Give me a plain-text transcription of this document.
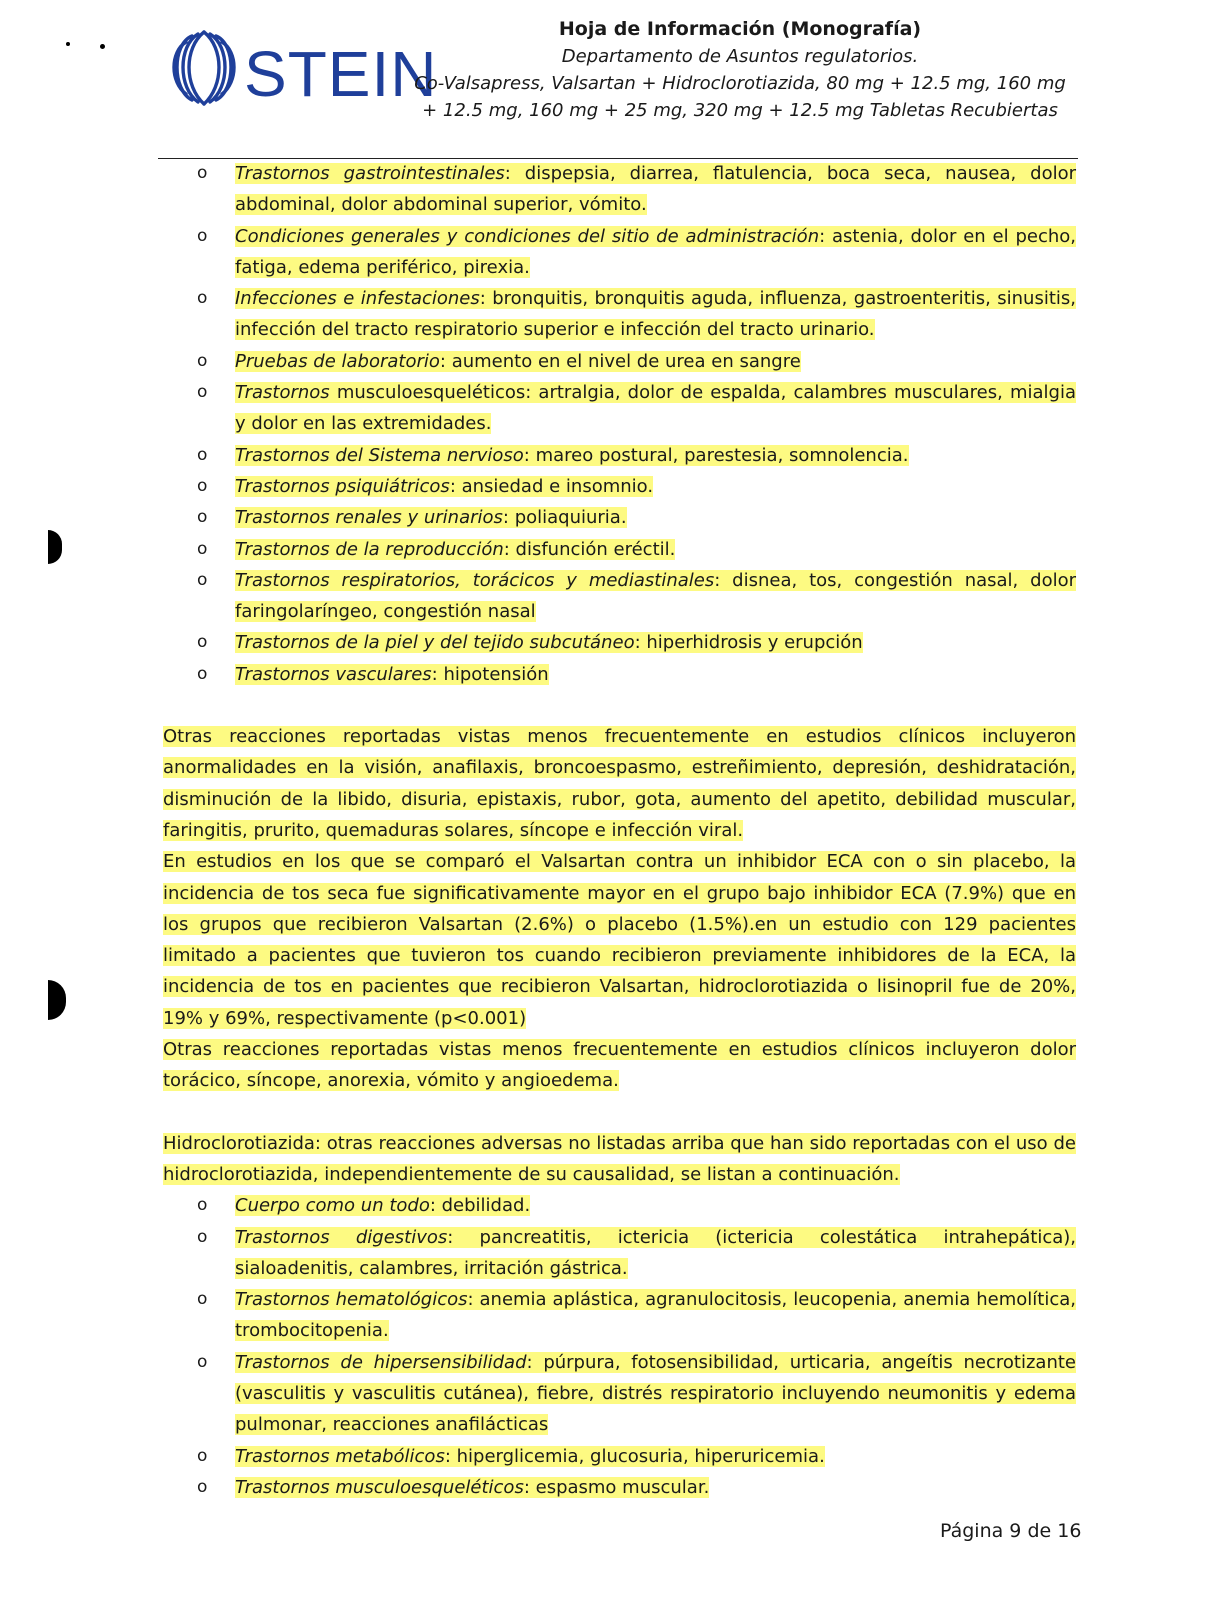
STEIN
Hoja de Información (Monografía)
Departamento de Asuntos regulatorios.
Co-Valsapress, Valsartan + Hidroclorotiazida, 80 mg + 12.5 mg, 160 mg
+ 12.5 mg, 160 mg + 25 mg, 320 mg + 12.5 mg Tabletas Recubiertas
o Trastornos gastrointestinales: dispepsia, diarrea, flatulencia, boca seca, nausea, dolor abdominal, dolor abdominal superior, vómito.
o Condiciones generales y condiciones del sitio de administración: astenia, dolor en el pecho, fatiga, edema periférico, pirexia.
o Infecciones e infestaciones: bronquitis, bronquitis aguda, influenza, gastroenteritis, sinusitis, infección del tracto respiratorio superior e infección del tracto urinario.
o Pruebas de laboratorio: aumento en el nivel de urea en sangre
o Trastornos musculoesqueléticos: artralgia, dolor de espalda, calambres musculares, mialgia y dolor en las extremidades.
o Trastornos del Sistema nervioso: mareo postural, parestesia, somnolencia.
o Trastornos psiquiátricos: ansiedad e insomnio.
o Trastornos renales y urinarios: poliaquiuria.
o Trastornos de la reproducción: disfunción eréctil.
o Trastornos respiratorios, torácicos y mediastinales: disnea, tos, congestión nasal, dolor faringolaríngeo, congestión nasal
o Trastornos de la piel y del tejido subcutáneo: hiperhidrosis y erupción
o Trastornos vasculares: hipotensión

Otras reacciones reportadas vistas menos frecuentemente en estudios clínicos incluyeron anormalidades en la visión, anafilaxis, broncoespasmo, estreñimiento, depresión, deshidratación, disminución de la libido, disuria, epistaxis, rubor, gota, aumento del apetito, debilidad muscular, faringitis, prurito, quemaduras solares, síncope e infección viral.

En estudios en los que se comparó el Valsartan contra un inhibidor ECA con o sin placebo, la incidencia de tos seca fue significativamente mayor en el grupo bajo inhibidor ECA (7.9%) que en los grupos que recibieron Valsartan (2.6%) o placebo (1.5%).en un estudio con 129 pacientes limitado a pacientes que tuvieron tos cuando recibieron previamente inhibidores de la ECA, la incidencia de tos en pacientes que recibieron Valsartan, hidroclorotiazida o lisinopril fue de 20%, 19% y 69%, respectivamente (p<0.001)

Otras reacciones reportadas vistas menos frecuentemente en estudios clínicos incluyeron dolor torácico, síncope, anorexia, vómito y angioedema.

Hidroclorotiazida: otras reacciones adversas no listadas arriba que han sido reportadas con el uso de hidroclorotiazida, independientemente de su causalidad, se listan a continuación.

o Cuerpo como un todo: debilidad.
o Trastornos digestivos: pancreatitis, ictericia (ictericia colestática intrahepática), sialoadenitis, calambres, irritación gástrica.
o Trastornos hematológicos: anemia aplástica, agranulocitosis, leucopenia, anemia hemolítica, trombocitopenia.
o Trastornos de hipersensibilidad: púrpura, fotosensibilidad, urticaria, angeítis necrotizante (vasculitis y vasculitis cutánea), fiebre, distrés respiratorio incluyendo neumonitis y edema pulmonar, reacciones anafilácticas
o Trastornos metabólicos: hiperglicemia, glucosuria, hiperuricemia.
o Trastornos musculoesqueléticos: espasmo muscular.
Página 9 de 16
